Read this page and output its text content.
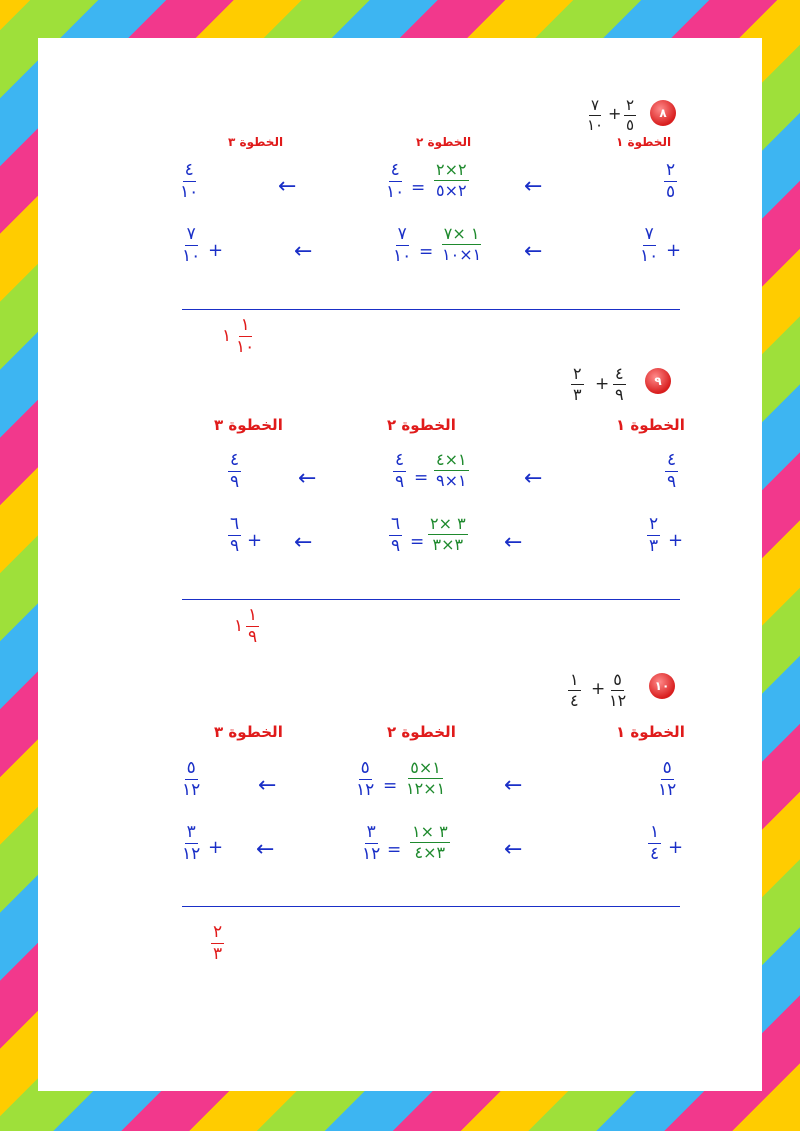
٨
٢
٥
+
٧
١٠
الخطوة ١
الخطوة ٢
الخطوة ٣
٢
٥
←
٢×٢
٢×٥
=
٤
١٠
←
٤
١٠
+
٧
١٠
←
١ ×٧
١×١٠
=
٧
١٠
←
+
٧
١٠
١
١٠
١
٩
٤
٩
+
٢
٣
الخطوة ١
الخطوة ٢
الخطوة ٣
٤
٩
←
١×٤
١×٩
=
٤
٩
←
٤
٩
+
٢
٣
←
٣ ×٢
٣×٣
=
٦
٩
←
+
٦
٩
١
٩
١
١٠
٥
١٢
+
١
٤
الخطوة ١
الخطوة ٢
الخطوة ٣
٥
١٢
←
١×٥
١×١٢
=
٥
١٢
←
٥
١٢
+
١
٤
←
٣ ×١
٣×٤
=
٣
١٢
←
+
٣
١٢
٢
٣
